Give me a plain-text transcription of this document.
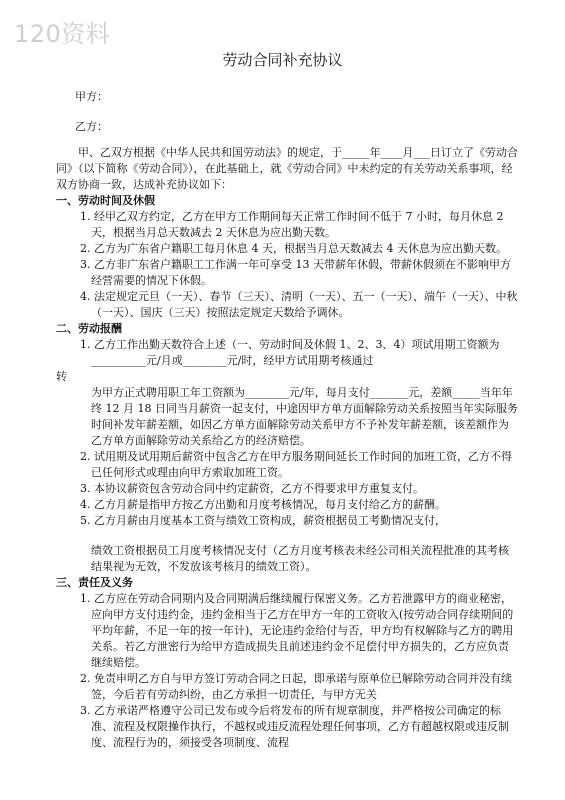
120资料
劳动合同补充协议
甲方：
乙方：

甲、乙双方根据《中华人民共和国劳动法》的规定，于_____年____月___日订立了《劳动合同》（以下简称《劳动合同》），在此基础上，就《劳动合同》中未约定的有关劳动关系事项，经双方协商一致，达成补充协议如下：

一、劳动时间及休假

1. 经甲乙双方约定，乙方在甲方工作期间每天正常工作时间不低于 7 小时，每月休息 2 天，根据当月总天数减去 2 天休息为应出勤天数。

2. 乙方为广东省户籍职工每月休息 4 天，根据当月总天数减去 4 天休息为应出勤天数。

3. 乙方非广东省户籍职工工作满一年可享受 13 天带薪年休假，带薪休假须在不影响甲方经营需要的情况下休假。

4. 法定规定元旦（一天）、春节（三天）、清明（一天）、五一（一天）、端午（一天）、中秋（一天）、国庆（三天）按照法定规定天数给予调休。

二、劳动报酬

1. 乙方工作出勤天数符合上述（一、劳动时间及休假 1、2、3、4）项试用期工资额为__________元/月或________元/时，经甲方试用期考核通过

转

为甲方正式聘用职工年工资额为________元/年，每月支付_______元，差额_____当年年终 12 月 18 日同当月薪资一起支付，中途因甲方单方面解除劳动关系按照当年实际服务时间补发年薪差额，如因乙方单方面解除劳动关系甲方不予补发年薪差额，该差额作为乙方单方面解除劳动关系给乙方的经济赔偿。

2. 试用期及试用期后薪资中包含乙方在甲方服务期间延长工作时间的加班工资，乙方不得已任何形式或理由向甲方索取加班工资。

3. 本协议薪资包含劳动合同中约定薪资，乙方不得要求甲方重复支付。

4. 乙方月薪是指甲方按乙方出勤和月度考核情况，每月支付给乙方的薪酬。

5. 乙方月薪由月度基本工资与绩效工资构成，薪资根据员工考勤情况支付，

绩效工资根据员工月度考核情况支付（乙方月度考核表未经公司相关流程批准的其考核结果视为无效，不发放该考核月的绩效工资）。

三、责任及义务

1. 乙方应在劳动合同期内及合同期满后继续履行保密义务。乙方若泄露甲方的商业秘密，应向甲方支付违约金，违约金相当于乙方在甲方一年的工资收入(按劳动合同存续期间的平均年薪，不足一年的按一年计)，无论违约金给付与否，甲方均有权解除与乙方的聘用关系。若乙方泄密行为给甲方造成损失且前述违约金不足偿付甲方损失的，乙方应负责继续赔偿。

2. 免责申明乙方自与甲方签订劳动合同之日起，即承诺与原单位已解除劳动合同并没有续签，今后若有劳动纠纷，由乙方承担一切责任，与甲方无关

3. 乙方承诺严格遵守公司已发布或今后将发布的所有规章制度，并严格按公司确定的标准、流程及权限操作执行，不越权或违反流程处理任何事项，乙方有超越权限或违反制度、流程行为的，须接受各项制度、流程
